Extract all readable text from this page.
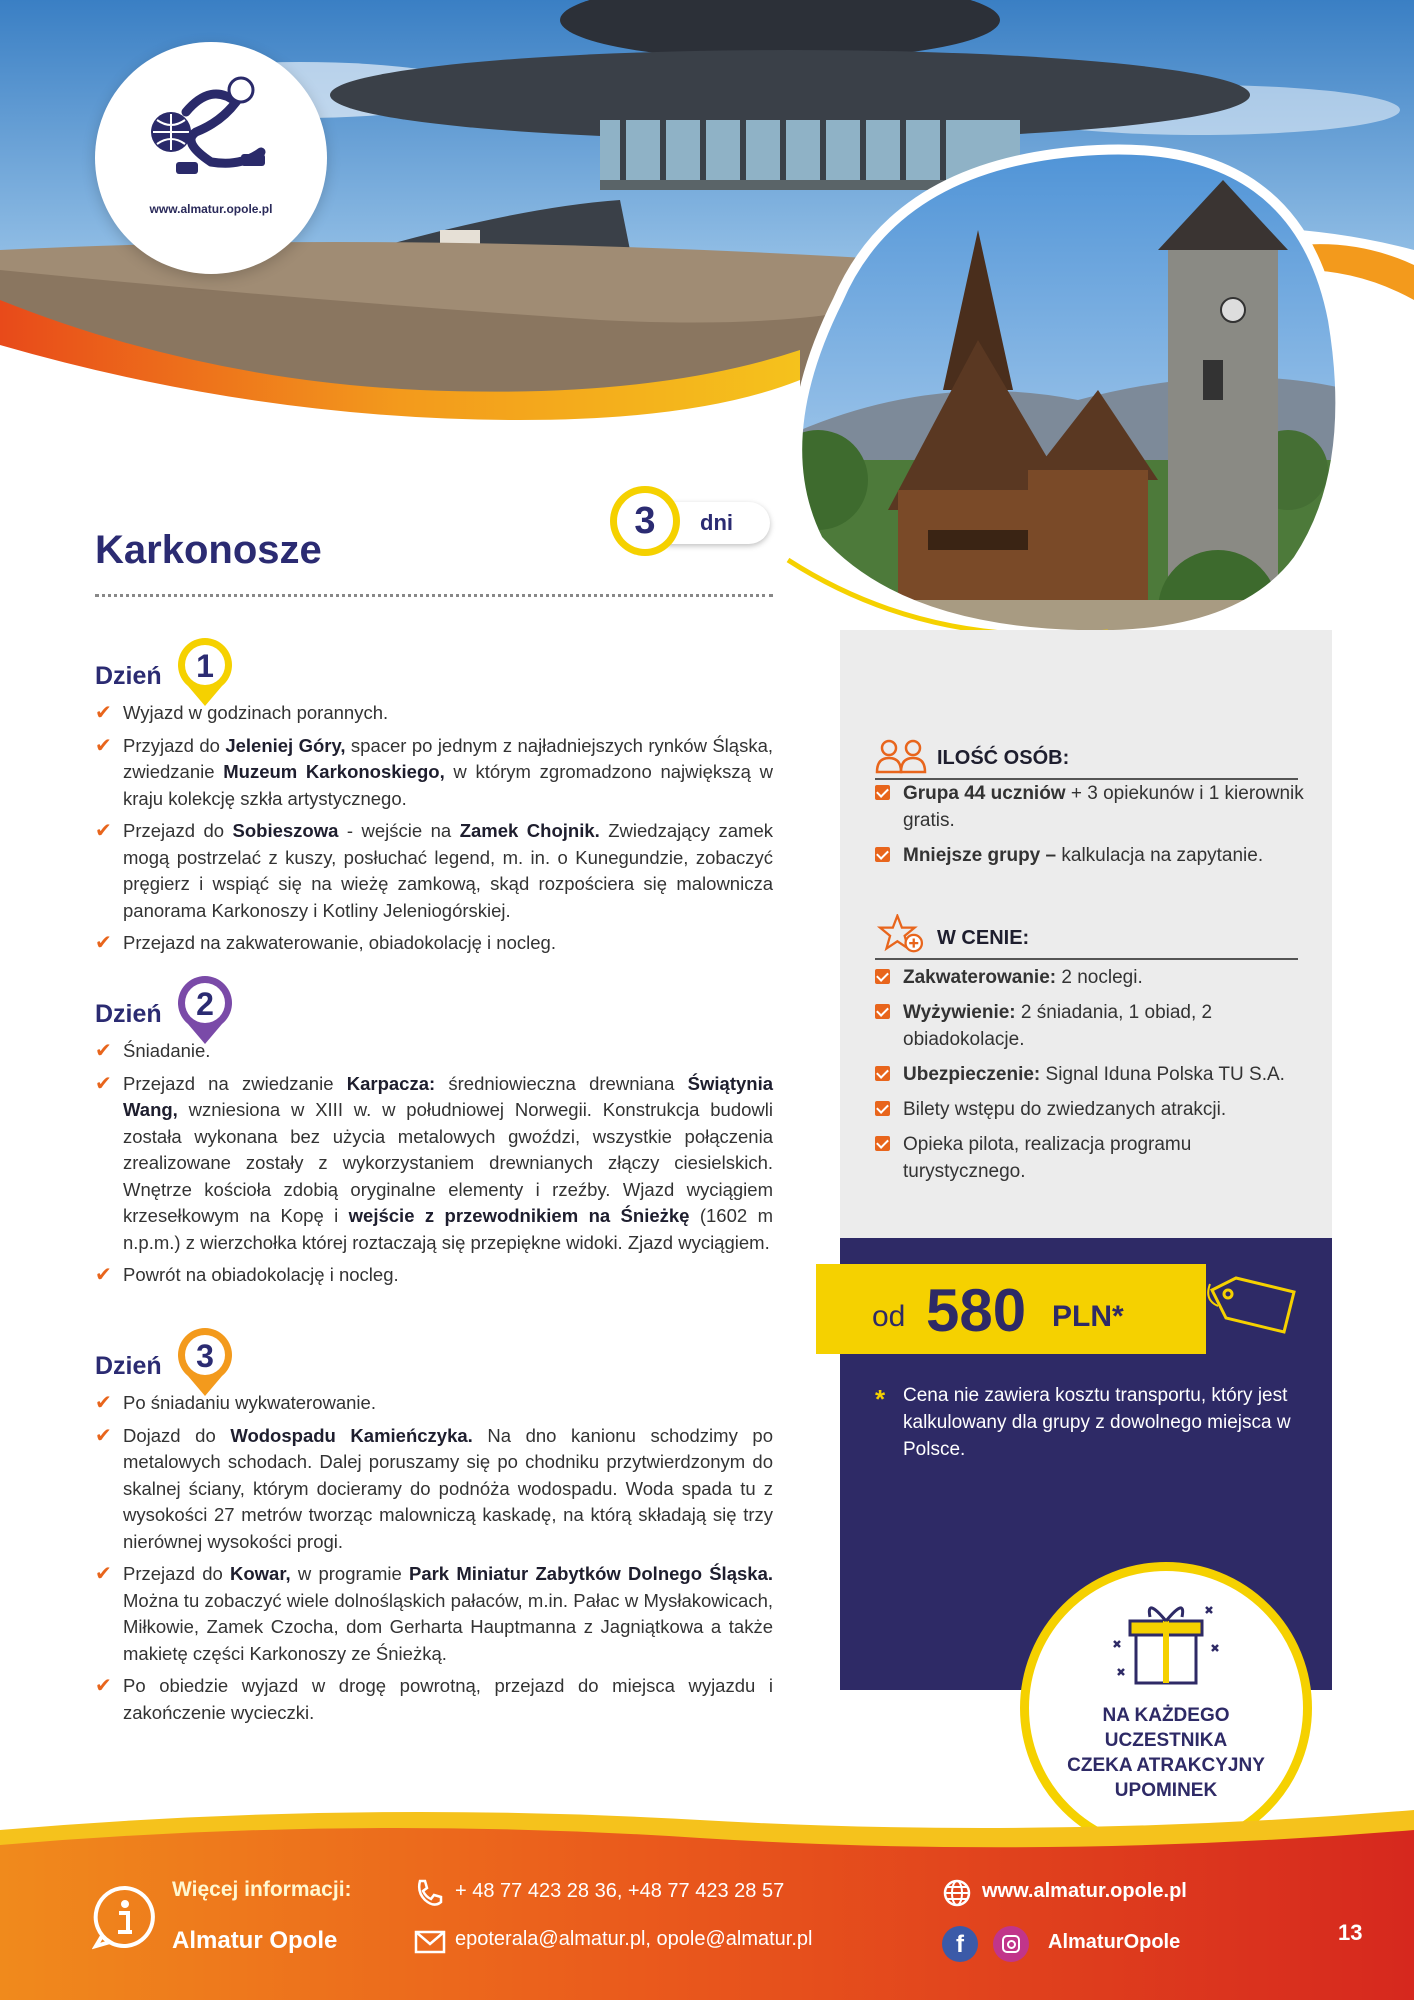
www.almatur.opole.pl
3	dni
Karkonosze
Dzień 1
✔ Wyjazd w godzinach porannych.
✔ Przyjazd do Jeleniej Góry, spacer po jednym z najładniejszych rynków Śląska, zwiedzanie Muzeum Karkonoskiego, w którym zgromadzono największą w kraju kolekcję szkła artystycznego.
✔ Przejazd do Sobieszowa - wejście na Zamek Chojnik. Zwiedzający zamek mogą postrzelać z kuszy, posłuchać legend, m. in. o Kunegundzie, zobaczyć pręgierz i wspiąć się na wieżę zamkową, skąd rozpościera się malownicza panorama Karkonoszy i Kotliny Jeleniogórskiej.
✔ Przejazd na zakwaterowanie, obiadokolację i nocleg.
Dzień 2
✔ Śniadanie.
✔ Przejazd na zwiedzanie Karpacza: średniowieczna drewniana Świątynia Wang, wzniesiona w XIII w. w południowej Norwegii. Konstrukcja budowli została wykonana bez użycia metalowych gwoździ, wszystkie połączenia zrealizowane zostały z wykorzystaniem drewnianych złączy ciesielskich. Wnętrze kościoła zdobią oryginalne elementy i rzeźby. Wjazd wyciągiem krzesełkowym na Kopę i wejście z przewodnikiem na Śnieżkę (1602 m n.p.m.) z wierzchołka której roztaczają się przepiękne widoki. Zjazd wyciągiem.
✔ Powrót na obiadokolację i nocleg.
Dzień 3
✔ Po śniadaniu wykwaterowanie.
✔ Dojazd do Wodospadu Kamieńczyka. Na dno kanionu schodzimy po metalowych schodach. Dalej poruszamy się po chodniku przytwierdzonym do skalnej ściany, którym docieramy do podnóża wodospadu. Woda spada tu z wysokości 27 metrów tworząc malowniczą kaskadę, na którą składają się trzy nierównej wysokości progi.
✔ Przejazd do Kowar, w programie Park Miniatur Zabytków Dolnego Śląska. Można tu zobaczyć wiele dolnośląskich pałaców, m.in. Pałac w Mysłakowicach, Miłkowie, Zamek Czocha, dom Gerharta Hauptmanna z Jagniątkowa a także makietę części Karkonoszy ze Śnieżką.
✔ Po obiedzie wyjazd w drogę powrotną, przejazd do miejsca wyjazdu i zakończenie wycieczki.
ILOŚĆ OSÓB:
Grupa 44 uczniów + 3 opiekunów i 1 kierownik gratis.
Mniejsze grupy – kalkulacja na zapytanie.
W CENIE:
Zakwaterowanie: 2 noclegi.
Wyżywienie: 2 śniadania, 1 obiad, 2 obiadokolacje.
Ubezpieczenie: Signal Iduna Polska TU S.A.
Bilety wstępu do zwiedzanych atrakcji.
Opieka pilota, realizacja programu turystycznego.
od 580 PLN*
* Cena nie zawiera kosztu transportu, który jest kalkulowany dla grupy z dowolnego miejsca w Polsce.
NA KAŻDEGO
UCZESTNIKA
CZEKA ATRAKCYJNY
UPOMINEK
Więcej informacji:
Almatur Opole
+ 48 77 423 28 36, +48 77 423 28 57
epoterala@almatur.pl, opole@almatur.pl
www.almatur.opole.pl
f	AlmaturOpole	13
